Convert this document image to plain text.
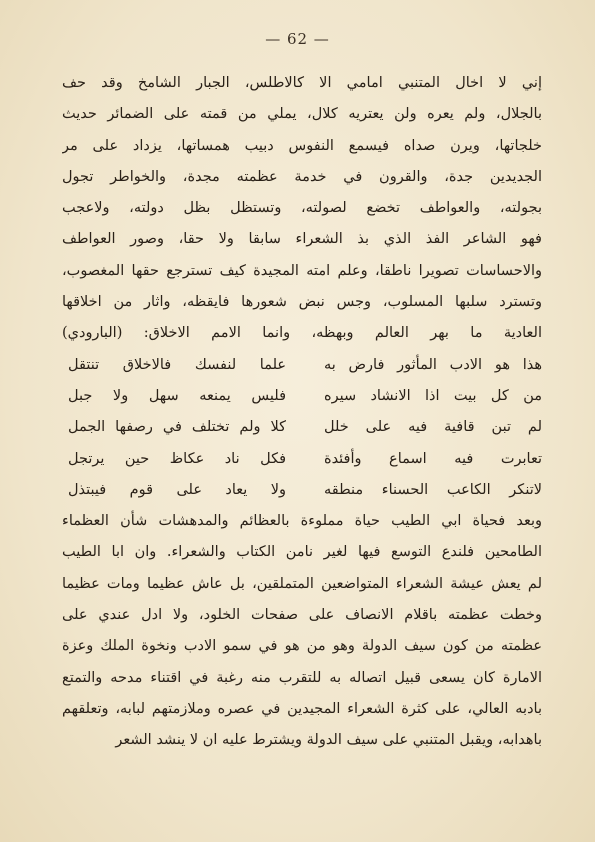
— 62 —
إني لا اخال المتنبي امامي الا كالاطلس، الجبار الشامخ وقد حف
بالجلال، ولم يعره ولن يعتريه كلال، يملي من قمته على الضمائر حديث
خلجاتها، ويرن صداه فيسمع النفوس دبيب همساتها، يزداد على مر
الجديدين جدة، والقرون في خدمة عظمته مجدة، والخواطر تجول
بجولته، والعواطف تخضع لصولته، وتستظل بظل دولته، ولاعجب
فهو الشاعر الفذ الذي بذ الشعراء سابقا ولا حقا، وصور العواطف
والاحساسات تصويرا ناطقا، وعلم امته المجيدة كيف تسترجع حقها المغصوب،
وتسترد سلبها المسلوب، وجس نبض شعورها فايقظه، واثار من اخلاقها
العادية ما بهر العالم وبهظه، وانما الامم الاخلاق: (البارودي)
هذا هو الادب المأثور فارض به
علما لنفسك فالاخلاق تنتقل
من كل بيت اذا الانشاد سيره
فليس يمنعه سهل ولا جبل
لم تبن قافية فيه على خلل
كلا ولم تختلف في رصفها الجمل
تعابرت فيه اسماع وأفئدة
فكل ناد عكاظ حين يرتجل
لاتنكر الكاعب الحسناء منطقه
ولا يعاد على قوم فيبتذل
وبعد فحياة ابي الطيب حياة مملوءة بالعظائم والمدهشات شأن العظماء
الطامحين فلندع التوسع فيها لغير نامن الكتاب والشعراء. وان ابا الطيب
لم يعش عيشة الشعراء المتواضعين المتملقين، بل عاش عظيما ومات عظيما
وخطت عظمته باقلام الانصاف على صفحات الخلود، ولا ادل عندي على
عظمته من كون سيف الدولة وهو من هو في سمو الادب ونخوة الملك وعزة
الامارة كان يسعى قبيل اتصاله به للتقرب منه رغبة في اقتناء مدحه والتمتع
بادبه العالي، على كثرة الشعراء المجيدين في عصره وملازمتهم لبابه، وتعلقهم
باهدابه، ويقبل المتنبي على سيف الدولة ويشترط عليه ان لا ينشد الشعر
